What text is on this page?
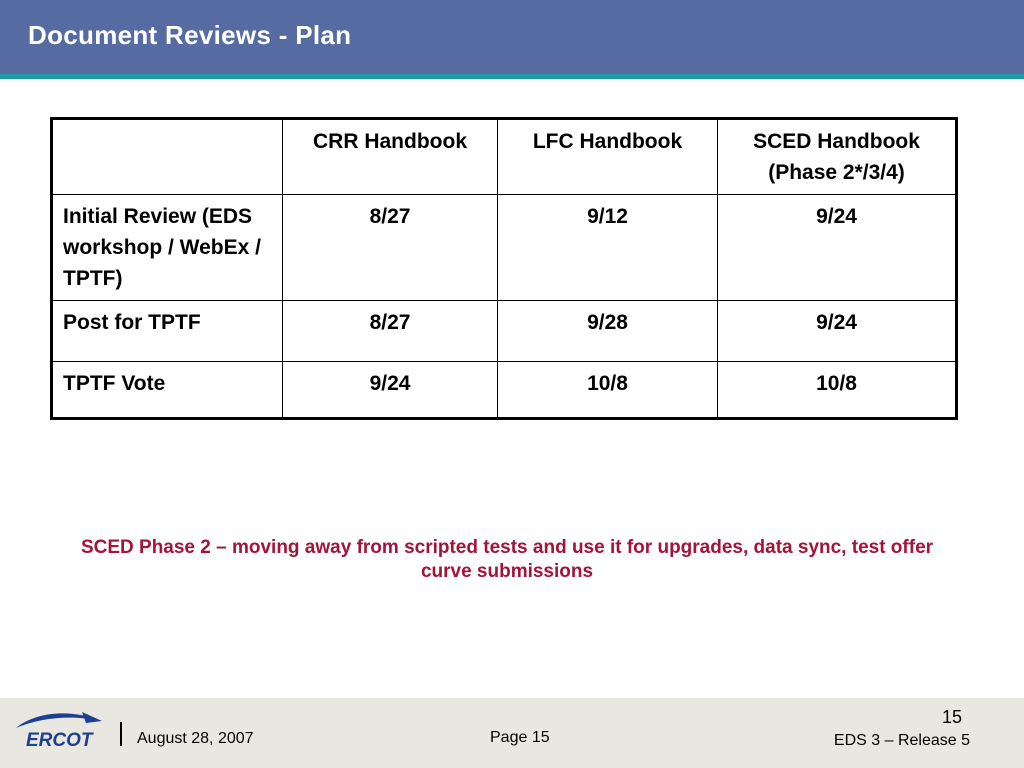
Document Reviews - Plan
	CRR Handbook	LFC Handbook	SCED Handbook (Phase 2*/3/4)
Initial Review (EDS workshop / WebEx / TPTF)	8/27	9/12	9/24
Post for TPTF	8/27	9/28	9/24
TPTF Vote	9/24	10/8	10/8
SCED Phase 2 – moving away from scripted tests and use it for upgrades, data sync, test offer curve submissions
ERCOT	August 28, 2007	Page 15
15
EDS 3 – Release 5
